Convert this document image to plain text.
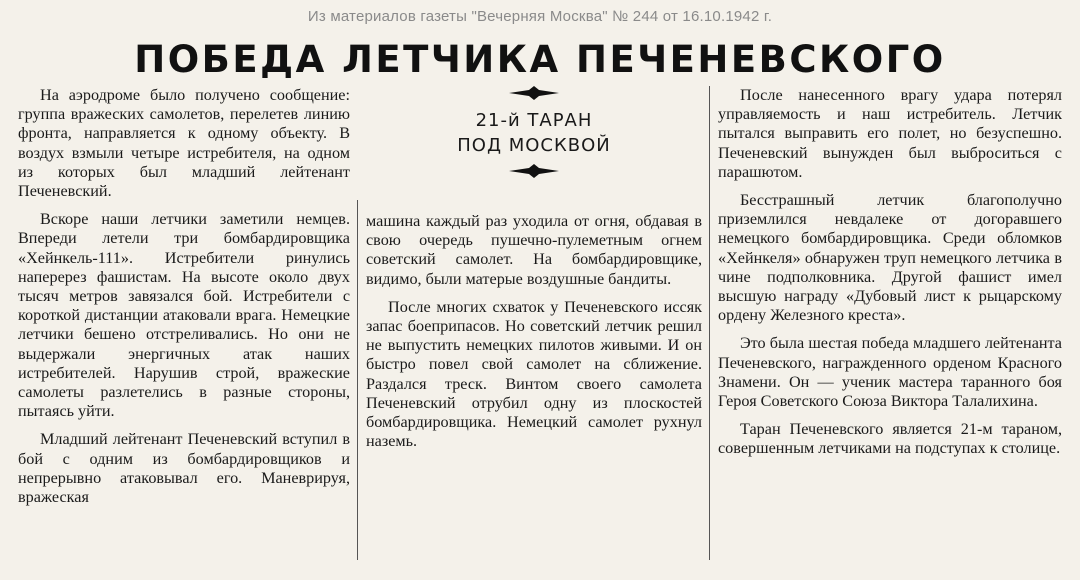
Из материалов газеты "Вечерняя Москва" № 244 от 16.10.1942 г.
ПОБЕДА ЛЕТЧИКА ПЕЧЕНЕВСКОГО

На аэродроме было получено сообщение: группа вражеских самолетов, перелетев линию фронта, направляется к одному объекту. В воздух взмыли четыре истребителя, на одном из которых был младший лейтенант Печеневский.

Вскоре наши летчики заметили немцев. Впереди летели три бомбардировщика «Хейнкель-111». Истребители ринулись наперерез фашистам. На высоте около двух тысяч метров завязался бой. Истребители с короткой дистанции атаковали врага. Немецкие летчики бешено отстреливались. Но они не выдержали энергичных атак наших истребителей. Нарушив строй, вражеские самолеты разлетелись в разные стороны, пытаясь уйти.

Младший лейтенант Печеневский вступил в бой с одним из бомбардировщиков и непрерывно атаковывал его. Маневрируя, вражеская

21-й ТАРАН
ПОД МОСКВОЙ

машина каждый раз уходила от огня, обдавая в свою очередь пушечно-пулеметным огнем советский самолет. На бомбардировщике, видимо, были матерые воздушные бандиты.

После многих схваток у Печеневского иссяк запас боеприпасов. Но советский летчик решил не выпустить немецких пилотов живыми. И он быстро повел свой самолет на сближение. Раздался треск. Винтом своего самолета Печеневский отрубил одну из плоскостей бомбардировщика. Немецкий самолет рухнул наземь.

После нанесенного врагу удара потерял управляемость и наш истребитель. Летчик пытался выправить его полет, но безуспешно. Печеневский вынужден был выброситься с парашютом.

Бесстрашный летчик благополучно приземлился невдалеке от догоравшего немецкого бомбардировщика. Среди обломков «Хейнкеля» обнаружен труп немецкого летчика в чине подполковника. Другой фашист имел высшую награду «Дубовый лист к рыцарскому ордену Железного креста».

Это была шестая победа младшего лейтенанта Печеневского, награжденного орденом Красного Знамени. Он — ученик мастера таранного боя Героя Советского Союза Виктора Талалихина.

Таран Печеневского является 21-м тараном, совершенным летчиками на подступах к столице.
